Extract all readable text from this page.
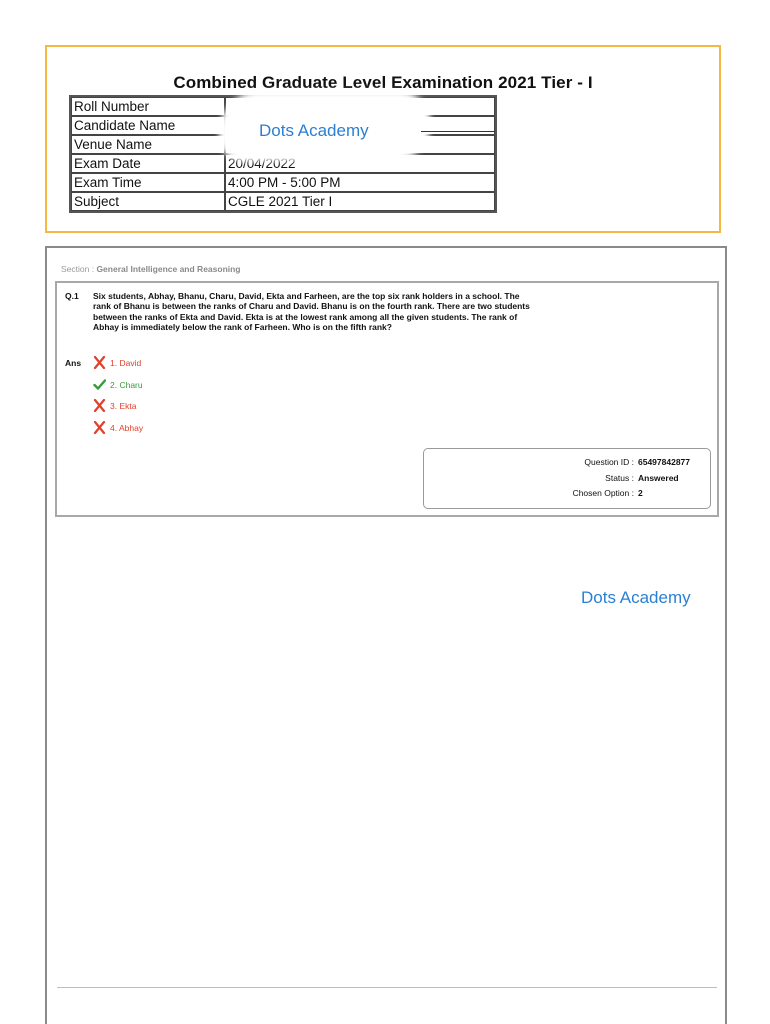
Combined Graduate Level Examination 2021 Tier - I
Roll Number	
Candidate Name	
Venue Name	
Exam Date	20/04/2022
Exam Time	4:00 PM - 5:00 PM
Subject	CGLE 2021 Tier I
Dots Academy
Section : General Intelligence and Reasoning
Q.1 Six students, Abhay, Bhanu, Charu, David, Ekta and Farheen, are the top six rank holders in a school. The rank of Bhanu is between the ranks of Charu and David. Bhanu is on the fourth rank. There are two students between the ranks of Ekta and David. Ekta is at the lowest rank among all the given students. The rank of Abhay is immediately below the rank of Farheen. Who is on the fifth rank?
Ans	1. David
2. Charu
3. Ekta
4. Abhay
Question ID : 65497842877
Status : Answered
Chosen Option : 2
Dots Academy
